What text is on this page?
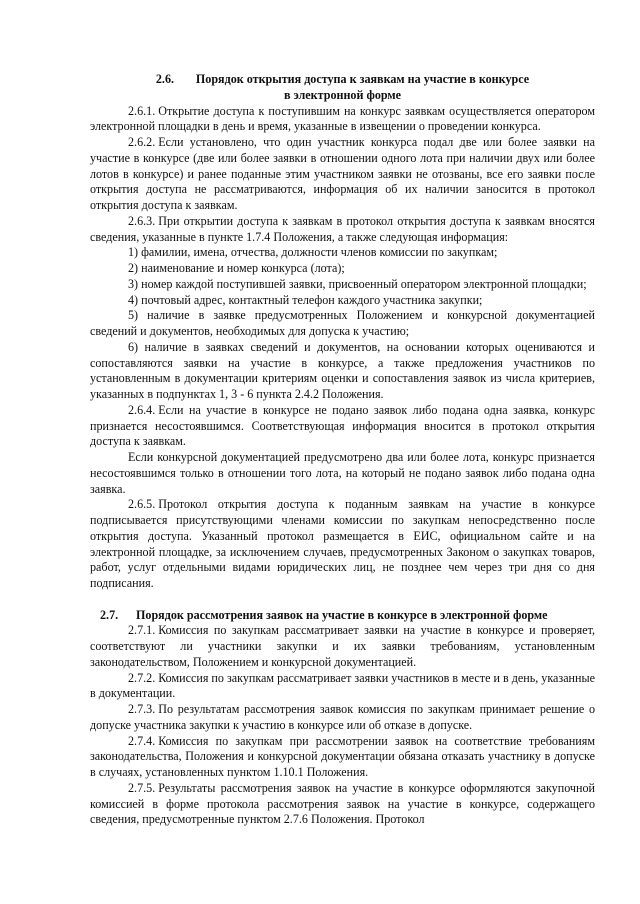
2.6. Порядок открытия доступа к заявкам на участие в конкурсе
в электронной форме

2.6.1. Открытие доступа к поступившим на конкурс заявкам осуществляется оператором электронной площадки в день и время, указанные в извещении о проведении конкурса.

2.6.2. Если установлено, что один участник конкурса подал две или более заявки на участие в конкурсе (две или более заявки в отношении одного лота при наличии двух или более лотов в конкурсе) и ранее поданные этим участником заявки не отозваны, все его заявки после открытия доступа не рассматриваются, информация об их наличии заносится в протокол открытия доступа к заявкам.

2.6.3. При открытии доступа к заявкам в протокол открытия доступа к заявкам вносятся сведения, указанные в пункте 1.7.4 Положения, а также следующая информация:

1) фамилии, имена, отчества, должности членов комиссии по закупкам;

2) наименование и номер конкурса (лота);

3) номер каждой поступившей заявки, присвоенный оператором электронной площадки;

4) почтовый адрес, контактный телефон каждого участника закупки;

5) наличие в заявке предусмотренных Положением и конкурсной документацией сведений и документов, необходимых для допуска к участию;

6) наличие в заявках сведений и документов, на основании которых оцениваются и сопоставляются заявки на участие в конкурсе, а также предложения участников по установленным в документации критериям оценки и сопоставления заявок из числа критериев, указанных в подпунктах 1, 3 - 6 пункта 2.4.2 Положения.

2.6.4. Если на участие в конкурсе не подано заявок либо подана одна заявка, конкурс признается несостоявшимся. Соответствующая информация вносится в протокол открытия доступа к заявкам.

Если конкурсной документацией предусмотрено два или более лота, конкурс признается несостоявшимся только в отношении того лота, на который не подано заявок либо подана одна заявка.

2.6.5. Протокол открытия доступа к поданным заявкам на участие в конкурсе подписывается присутствующими членами комиссии по закупкам непосредственно после открытия доступа. Указанный протокол размещается в ЕИС, официальном сайте и на электронной площадке, за исключением случаев, предусмотренных Законом о закупках товаров, работ, услуг отдельными видами юридических лиц, не позднее чем через три дня со дня подписания.

2.7. Порядок рассмотрения заявок на участие в конкурсе в электронной форме

2.7.1. Комиссия по закупкам рассматривает заявки на участие в конкурсе и проверяет, соответствуют ли участники закупки и их заявки требованиям, установленным законодательством, Положением и конкурсной документацией.

2.7.2. Комиссия по закупкам рассматривает заявки участников в месте и в день, указанные в документации.

2.7.3. По результатам рассмотрения заявок комиссия по закупкам принимает решение о допуске участника закупки к участию в конкурсе или об отказе в допуске.

2.7.4. Комиссия по закупкам при рассмотрении заявок на соответствие требованиям законодательства, Положения и конкурсной документации обязана отказать участнику в допуске в случаях, установленных пунктом 1.10.1 Положения.

2.7.5. Результаты рассмотрения заявок на участие в конкурсе оформляются закупочной комиссией в форме протокола рассмотрения заявок на участие в конкурсе, содержащего сведения, предусмотренные пунктом 2.7.6 Положения. Протокол
